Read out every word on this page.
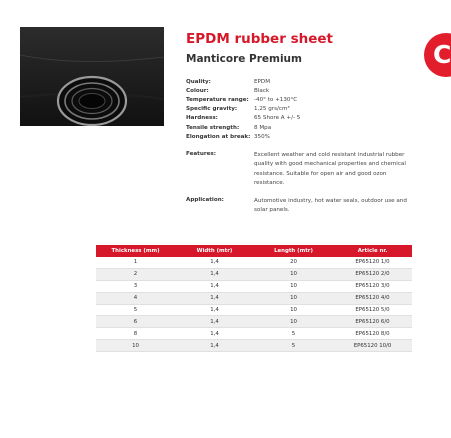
EPDM rubber sheet
Manticore Premium	C
Quality:	EPDM
Colour:	Black
Temperature range: -40° to +130°C
Specific gravity:	1,25 grs/cm³
Hardness:	65 Shore A +/- 5
Tensile strength:	8 Mpa
Elongation at break: 350%
Features:	Excellent weather and cold resistant industrial rubber quality with good mechanical properties and chemical resistance. Suitable for open air and good ozon resistance.
Application:	Automotive industry, hot water seals, outdoor use and solar panels.
Thickness (mm)	Width (mtr)	Length (mtr)	Article nr.
1	1,4	20	EP65120 1/0
2	1,4	10	EP65120 2/0
3	1,4	10	EP65120 3/0
4	1,4	10	EP65120 4/0
5	1,4	10	EP65120 5/0
6	1,4	10	EP65120 6/0
8	1,4	5	EP65120 8/0
10	1,4	5	EP65120 10/0
